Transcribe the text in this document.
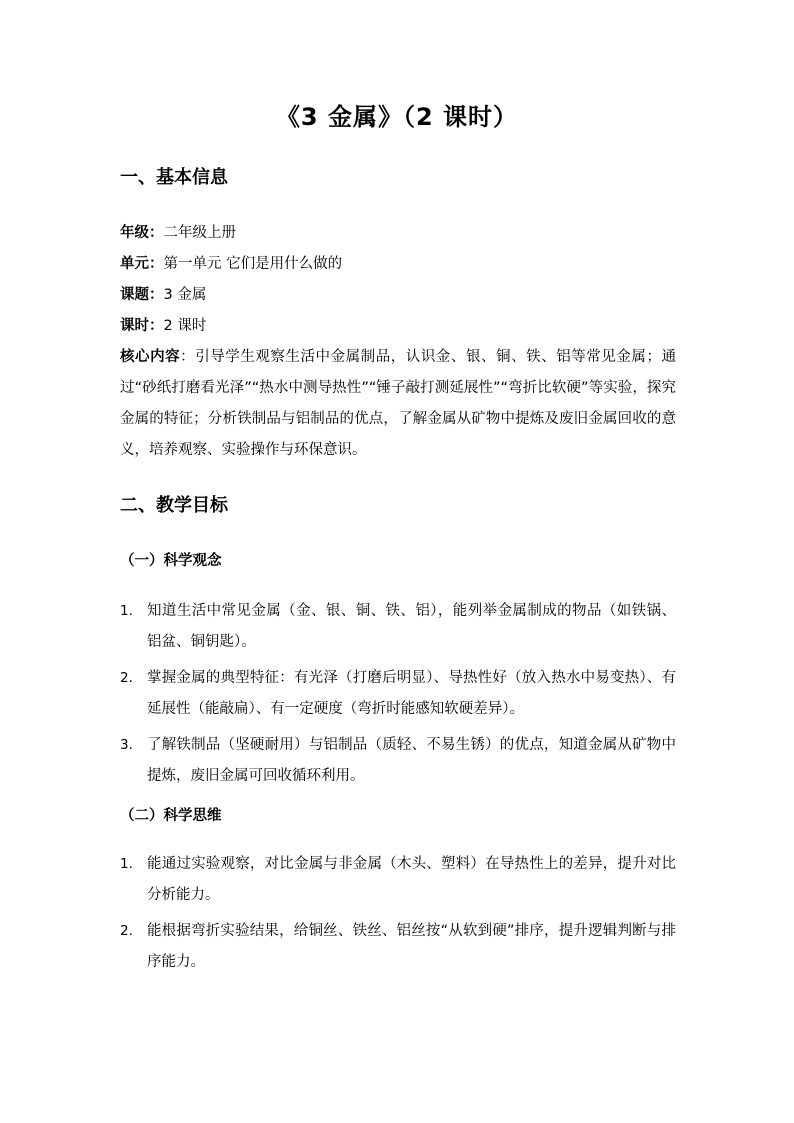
《3 金属》（2 课时）
一、基本信息

年级：二年级上册

单元：第一单元 它们是用什么做的

课题：3 金属

课时：2 课时

核心内容：引导学生观察生活中金属制品，认识金、银、铜、铁、铝等常见金属；通过“砂纸打磨看光泽”“热水中测导热性”“锤子敲打测延展性”“弯折比软硬”等实验，探究金属的特征；分析铁制品与铝制品的优点，了解金属从矿物中提炼及废旧金属回收的意义，培养观察、实验操作与环保意识。

二、教学目标
（一）科学观念
1. 知道生活中常见金属（金、银、铜、铁、铝），能列举金属制成的物品（如铁锅、铝盆、铜钥匙）。
2. 掌握金属的典型特征：有光泽（打磨后明显）、导热性好（放入热水中易变热）、有延展性（能敲扁）、有一定硬度（弯折时能感知软硬差异）。
3. 了解铁制品（坚硬耐用）与铝制品（质轻、不易生锈）的优点，知道金属从矿物中提炼，废旧金属可回收循环利用。
（二）科学思维
1. 能通过实验观察，对比金属与非金属（木头、塑料）在导热性上的差异，提升对比分析能力。
2. 能根据弯折实验结果，给铜丝、铁丝、铝丝按“从软到硬”排序，提升逻辑判断与排序能力。
